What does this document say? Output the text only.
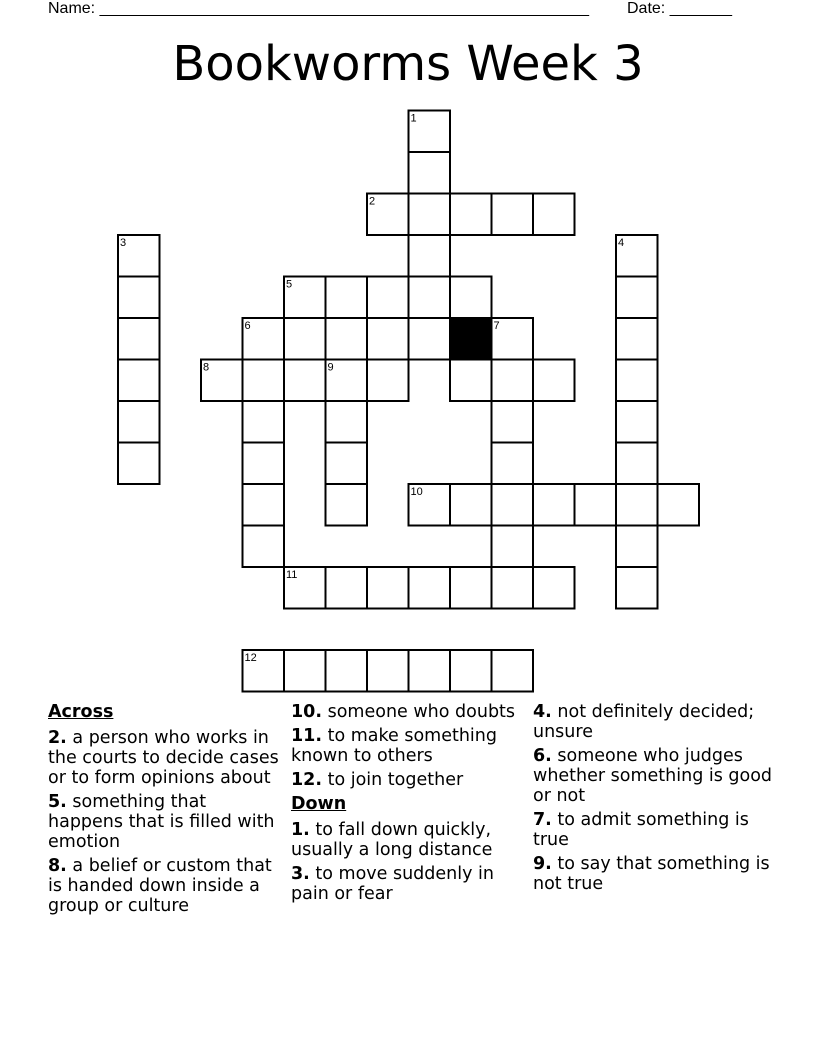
Name: _______________________________________________________ Date: _______
Bookworms Week 3
1
2
3	4
5
6	7
8	9
10
11
12
Across
2. a person who works in the courts to decide cases or to form opinions about
5. something that happens that is filled with emotion
8. a belief or custom that is handed down inside a group or culture
10. someone who doubts
11. to make something known to others
12. to join together
Down
1. to fall down quickly, usually a long distance
3. to move suddenly in pain or fear
4. not definitely decided; unsure
6. someone who judges whether something is good or not
7. to admit something is true
9. to say that something is not true
